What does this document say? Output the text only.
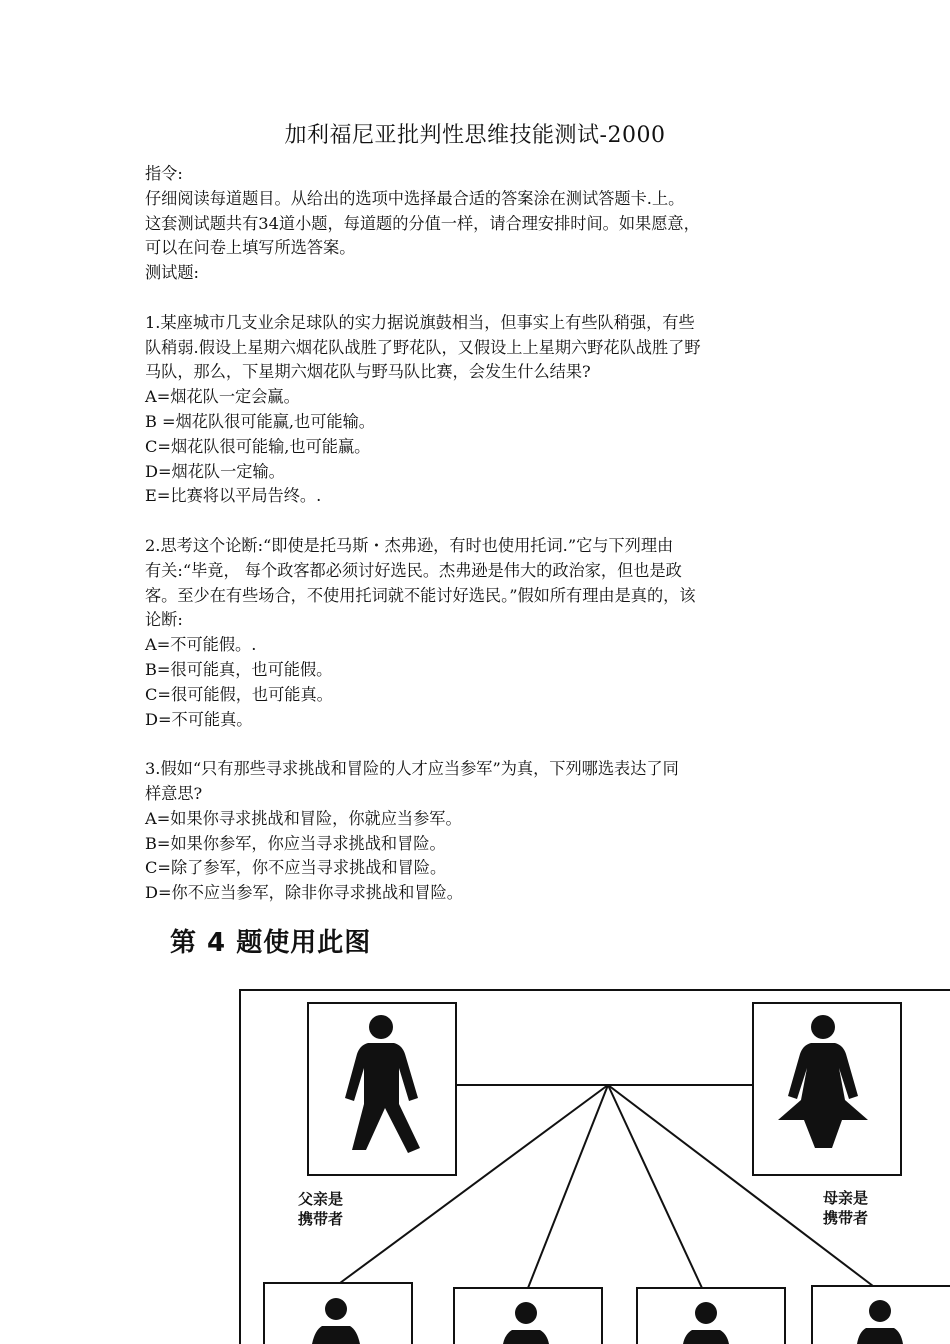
加利福尼亚批判性思维技能测试-2000

指令:

仔细阅读每道题目。从给出的选项中选择最合适的答案涂在测试答题卡.上。

这套测试题共有34道小题，每道题的分值一样，请合理安排时间。如果愿意，

可以在问卷上填写所选答案。

测试题:

1.某座城市几支业余足球队的实力据说旗鼓相当，但事实上有些队稍强，有些

队稍弱.假设上星期六烟花队战胜了野花队，又假设上上星期六野花队战胜了野

马队，那么，下星期六烟花队与野马队比赛，会发生什么结果?

A=烟花队一定会赢。

B =烟花队很可能赢,也可能输。

C=烟花队很可能输,也可能赢。

D=烟花队一定输。

E=比赛将以平局告终。.

2.思考这个论断:“即使是托马斯・杰弗逊，有时也使用托词.”它与下列理由

有关:“毕竟， 每个政客都必须讨好选民。杰弗逊是伟大的政治家，但也是政

客。至少在有些场合，不使用托词就不能讨好选民。”假如所有理由是真的，该

论断:

A=不可能假。.

B=很可能真，也可能假。

C=很可能假，也可能真。

D=不可能真。

3.假如“只有那些寻求挑战和冒险的人才应当参军”为真，下列哪选表达了同

样意思?

A=如果你寻求挑战和冒险，你就应当参军。

B=如果你参军，你应当寻求挑战和冒险。

C=除了参军，你不应当寻求挑战和冒险。

D=你不应当参军，除非你寻求挑战和冒险。

第 4 题使用此图
父亲是
携带者
母亲是
携带者
